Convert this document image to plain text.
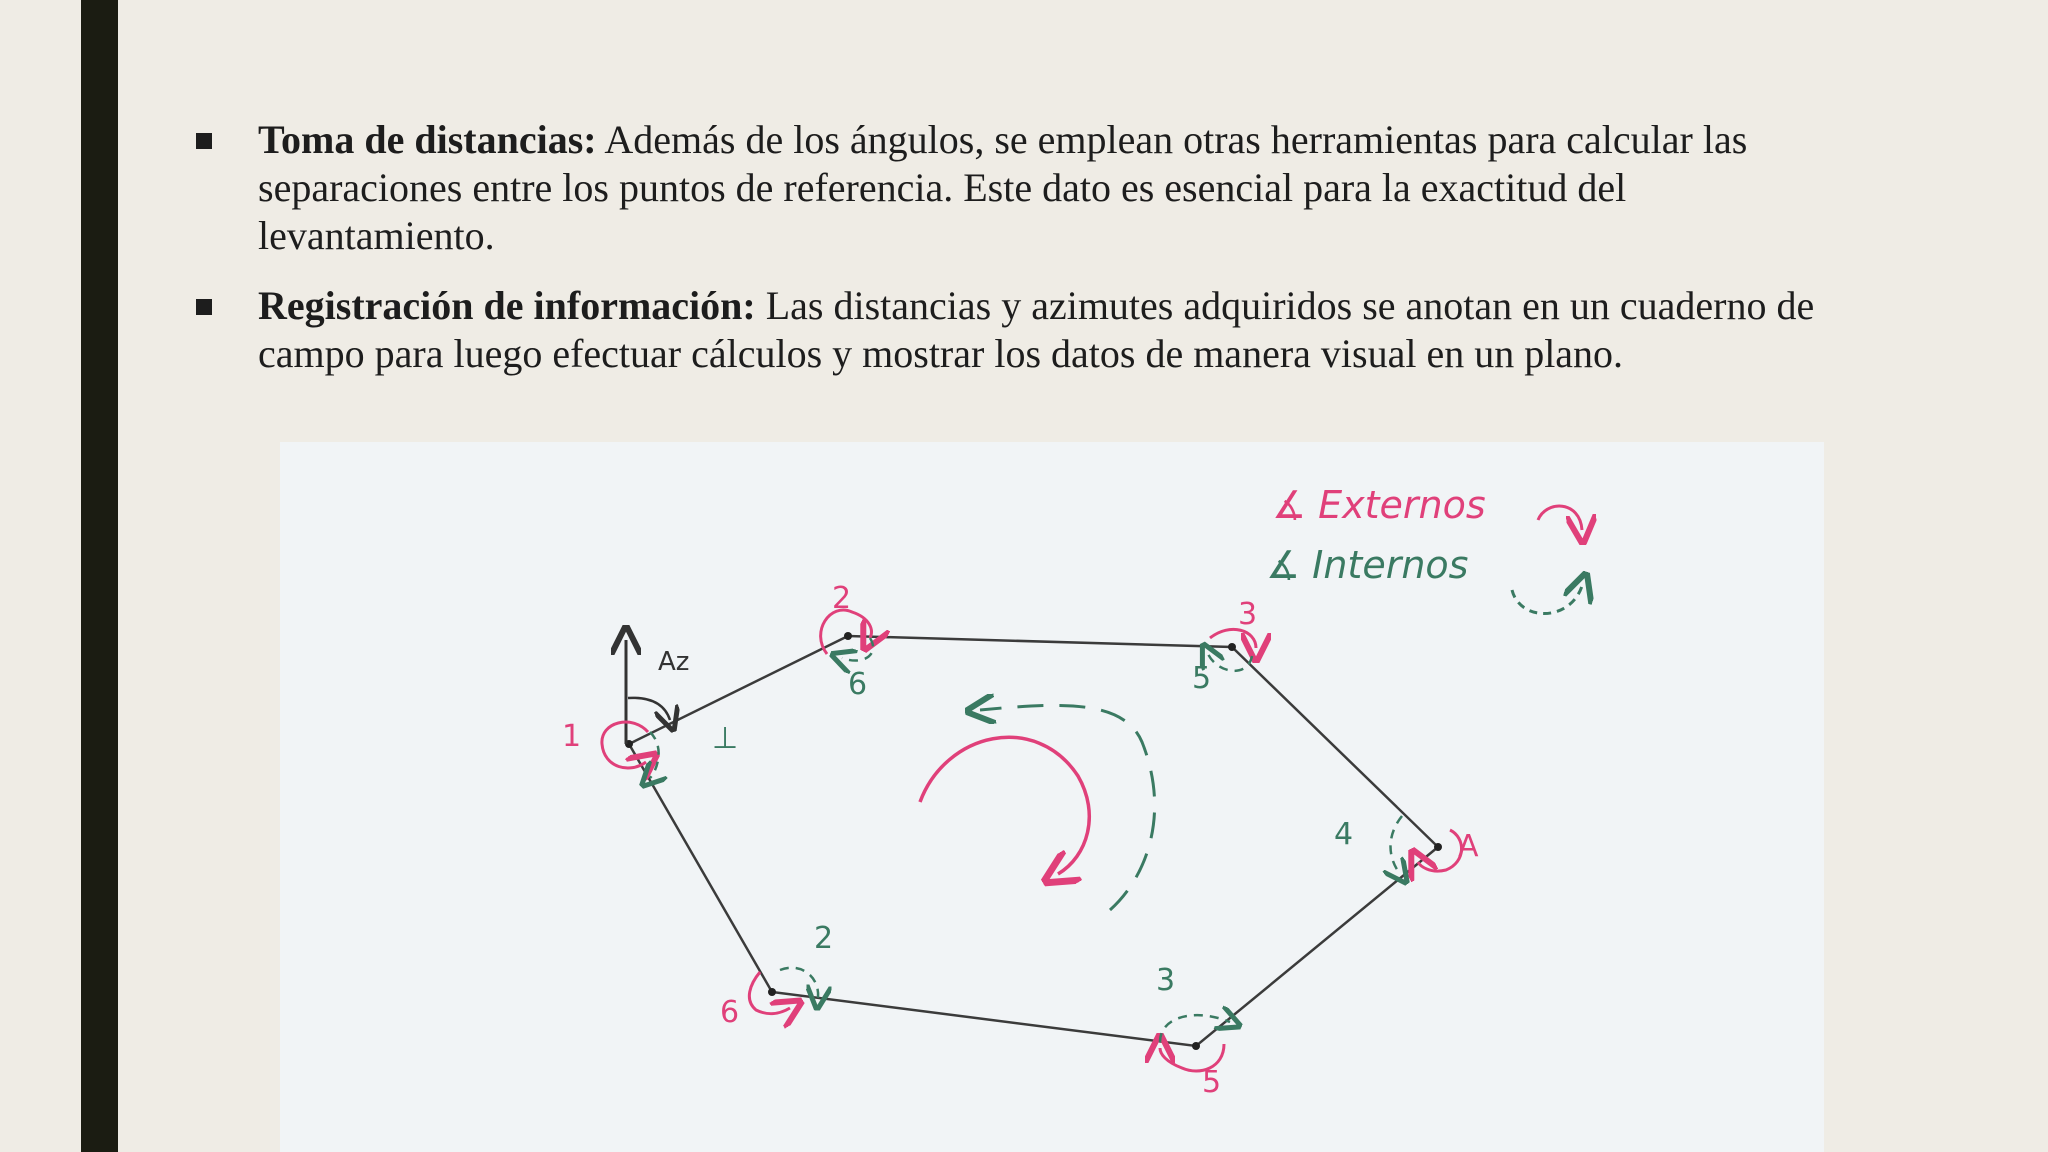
Toma de distancias: Además de los ángulos, se emplean otras herramientas para calcular las separaciones entre los puntos de referencia. Este dato es esencial para la exactitud del levantamiento.
Registración de información: Las distancias y azimutes adquiridos se anotan en un cuaderno de campo para luego efectuar cálculos y mostrar los datos de manera visual en un plano.
Az
1
2	3
A
5
6
⊥
6	5
4
3
2
∡ Externos
∡ Internos
